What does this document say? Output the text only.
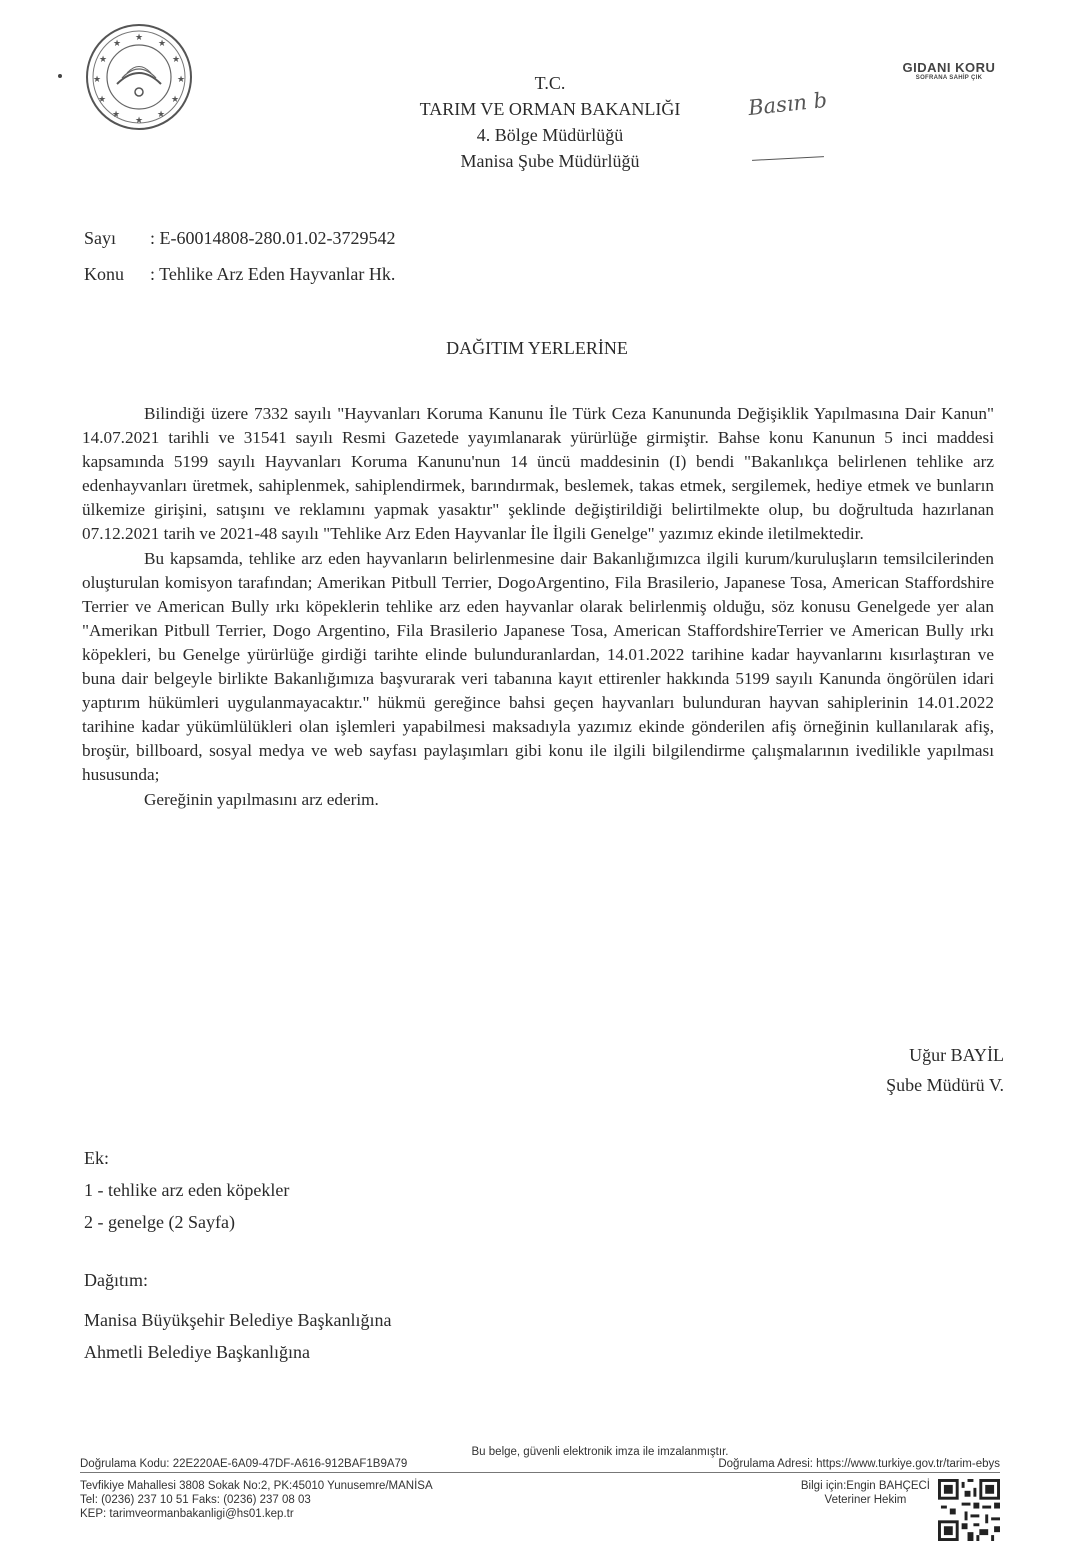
★
★
★
★
★
★
★
★
★
★
★
★
GIDANI KORU
SOFRANA SAHİP ÇIK
T.C.
TARIM VE ORMAN BAKANLIĞI
4. Bölge Müdürlüğü
Manisa Şube Müdürlüğü
Basın b
Sayı : E-60014808-280.01.02-3729542
Konu : Tehlike Arz Eden Hayvanlar Hk.
DAĞITIM YERLERİNE

Bilindiği üzere 7332 sayılı "Hayvanları Koruma Kanunu İle Türk Ceza Kanununda Değişiklik Yapılmasına Dair Kanun" 14.07.2021 tarihli ve 31541 sayılı Resmi Gazetede yayımlanarak yürürlüğe girmiştir. Bahse konu Kanunun 5 inci maddesi kapsamında 5199 sayılı Hayvanları Koruma Kanunu'nun 14 üncü maddesinin (I) bendi "Bakanlıkça belirlenen tehlike arz edenhayvanları üretmek, sahiplenmek, sahiplendirmek, barındırmak, beslemek, takas etmek, sergilemek, hediye etmek ve bunların ülkemize girişini, satışını ve reklamını yapmak yasaktır" şeklinde değiştirildiği belirtilmekte olup, bu doğrultuda hazırlanan 07.12.2021 tarih ve 2021-48 sayılı "Tehlike Arz Eden Hayvanlar İle İlgili Genelge" yazımız ekinde iletilmektedir.

Bu kapsamda, tehlike arz eden hayvanların belirlenmesine dair Bakanlığımızca ilgili kurum/kuruluşların temsilcilerinden oluşturulan komisyon tarafından; Amerikan Pitbull Terrier, DogoArgentino, Fila Brasilerio, Japanese Tosa, American Staffordshire Terrier ve American Bully ırkı köpeklerin tehlike arz eden hayvanlar olarak belirlenmiş olduğu, söz konusu Genelgede yer alan "Amerikan Pitbull Terrier, Dogo Argentino, Fila Brasilerio Japanese Tosa, American StaffordshireTerrier ve American Bully ırkı köpekleri, bu Genelge yürürlüğe girdiği tarihte elinde bulunduranlardan, 14.01.2022 tarihine kadar hayvanlarını kısırlaştıran ve buna dair belgeyle birlikte Bakanlığımıza başvurarak veri tabanına kayıt ettirenler hakkında 5199 sayılı Kanunda öngörülen idari yaptırım hükümleri uygulanmayacaktır." hükmü gereğince bahsi geçen hayvanları bulunduran hayvan sahiplerinin 14.01.2022 tarihine kadar yükümlülükleri olan işlemleri yapabilmesi maksadıyla yazımız ekinde gönderilen afiş örneğinin kullanılarak afiş, broşür, billboard, sosyal medya ve web sayfası paylaşımları gibi konu ile ilgili bilgilendirme çalışmalarının ivedilikle yapılması hususunda;

Gereğinin yapılmasını arz ederim.

Uğur BAYİL
Şube Müdürü V.
Ek:
1 - tehlike arz eden köpekler
2 - genelge (2 Sayfa)
Dağıtım:
Manisa Büyükşehir Belediye Başkanlığına
Ahmetli Belediye Başkanlığına
Bu belge, güvenli elektronik imza ile imzalanmıştır.
Doğrulama Kodu: 22E220AE-6A09-47DF-A616-912BAF1B9A79	Doğrulama Adresi: https://www.turkiye.gov.tr/tarim-ebys
Tevfikiye Mahallesi 3808 Sokak No:2, PK:45010 Yunusemre/MANİSA
Tel: (0236) 237 10 51 Faks: (0236) 237 08 03
KEP: tarimveormanbakanligi@hs01.kep.tr
Bilgi için:Engin BAHÇECİ
Veteriner Hekim
